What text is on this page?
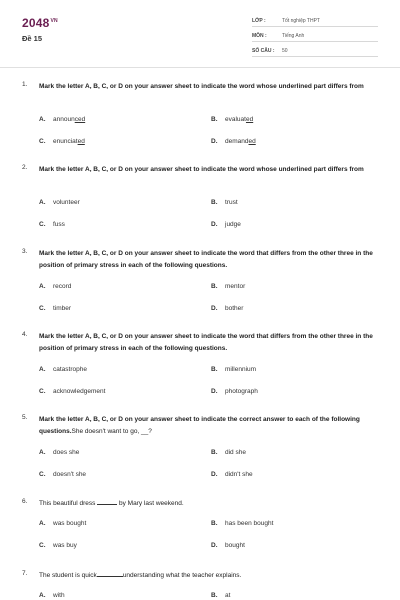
$2048^{VN}$
Đề 15
LỚP :	Tốt nghiệp THPT
MÔN :	Tiếng Anh
SỐ CÂU :	50
1. Mark the letter A, B, C, or D on your answer sheet to indicate the word whose underlined part differs from
A. announced	B. evaluated
C. enunciated	D. demanded
2. Mark the letter A, B, C, or D on your answer sheet to indicate the word whose underlined part differs from
A. volunteer	B. trust
C. fuss	D. judge
3. Mark the letter A, B, C, or D on your answer sheet to indicate the word that differs from the other three in the position of primary stress in each of the following questions.
A. record	B. mentor
C. timber	D. bother
4. Mark the letter A, B, C, or D on your answer sheet to indicate the word that differs from the other three in the position of primary stress in each of the following questions.
A. catastrophe	B. millennium
C. acknowledgement	D. photograph
5. Mark the letter A, B, C, or D on your answer sheet to indicate the correct answer to each of the following questions.She doesn't want to go, __?
A. does she	B. did she
C. doesn't she	D. didn't she
6. This beautiful dress	by Mary last weekend.
A. was bought	B. has been bought
C. was buy	D. bought
7. The student is quick	understanding what the teacher explains.
A. with	B. at
